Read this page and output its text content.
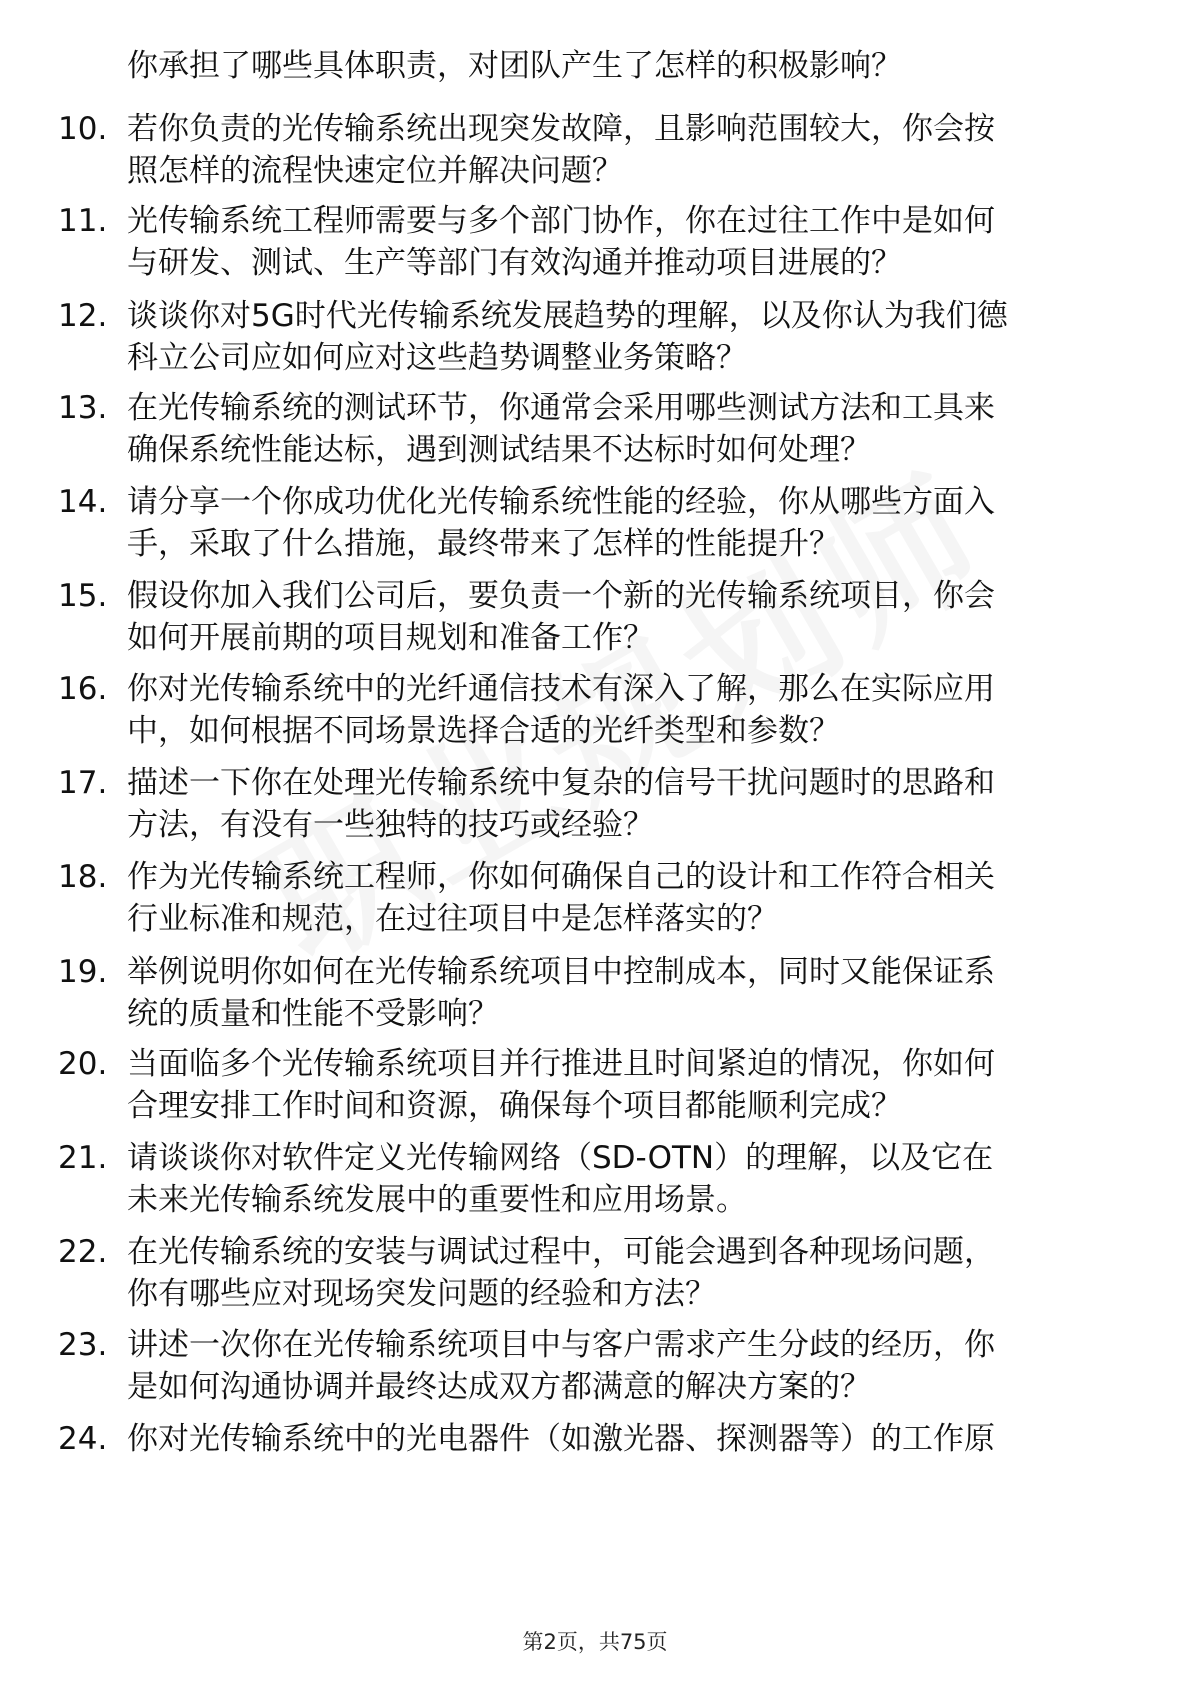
你承担了哪些具体职责，对团队产生了怎样的积极影响？
10. 若你负责的光传输系统出现突发故障，且影响范围较大，你会按
照怎样的流程快速定位并解决问题？
11. 光传输系统工程师需要与多个部门协作，你在过往工作中是如何
与研发、测试、生产等部门有效沟通并推动项目进展的？
12. 谈谈你对5G时代光传输系统发展趋势的理解，以及你认为我们德
科立公司应如何应对这些趋势调整业务策略？
13. 在光传输系统的测试环节，你通常会采用哪些测试方法和工具来
确保系统性能达标，遇到测试结果不达标时如何处理？
14. 请分享一个你成功优化光传输系统性能的经验，你从哪些方面入
手，采取了什么措施，最终带来了怎样的性能提升？
15. 假设你加入我们公司后，要负责一个新的光传输系统项目，你会
如何开展前期的项目规划和准备工作？
16. 你对光传输系统中的光纤通信技术有深入了解，那么在实际应用
中，如何根据不同场景选择合适的光纤类型和参数？
17. 描述一下你在处理光传输系统中复杂的信号干扰问题时的思路和
方法，有没有一些独特的技巧或经验？
18. 作为光传输系统工程师，你如何确保自己的设计和工作符合相关
行业标准和规范，在过往项目中是怎样落实的？
19. 举例说明你如何在光传输系统项目中控制成本，同时又能保证系
统的质量和性能不受影响？
20. 当面临多个光传输系统项目并行推进且时间紧迫的情况，你如何
合理安排工作时间和资源，确保每个项目都能顺利完成？
21. 请谈谈你对软件定义光传输网络（SD-OTN）的理解，以及它在
未来光传输系统发展中的重要性和应用场景。
22. 在光传输系统的安装与调试过程中，可能会遇到各种现场问题，
你有哪些应对现场突发问题的经验和方法？
23. 讲述一次你在光传输系统项目中与客户需求产生分歧的经历，你
是如何沟通协调并最终达成双方都满意的解决方案的？
24. 你对光传输系统中的光电器件（如激光器、探测器等）的工作原
第2页，共75页
